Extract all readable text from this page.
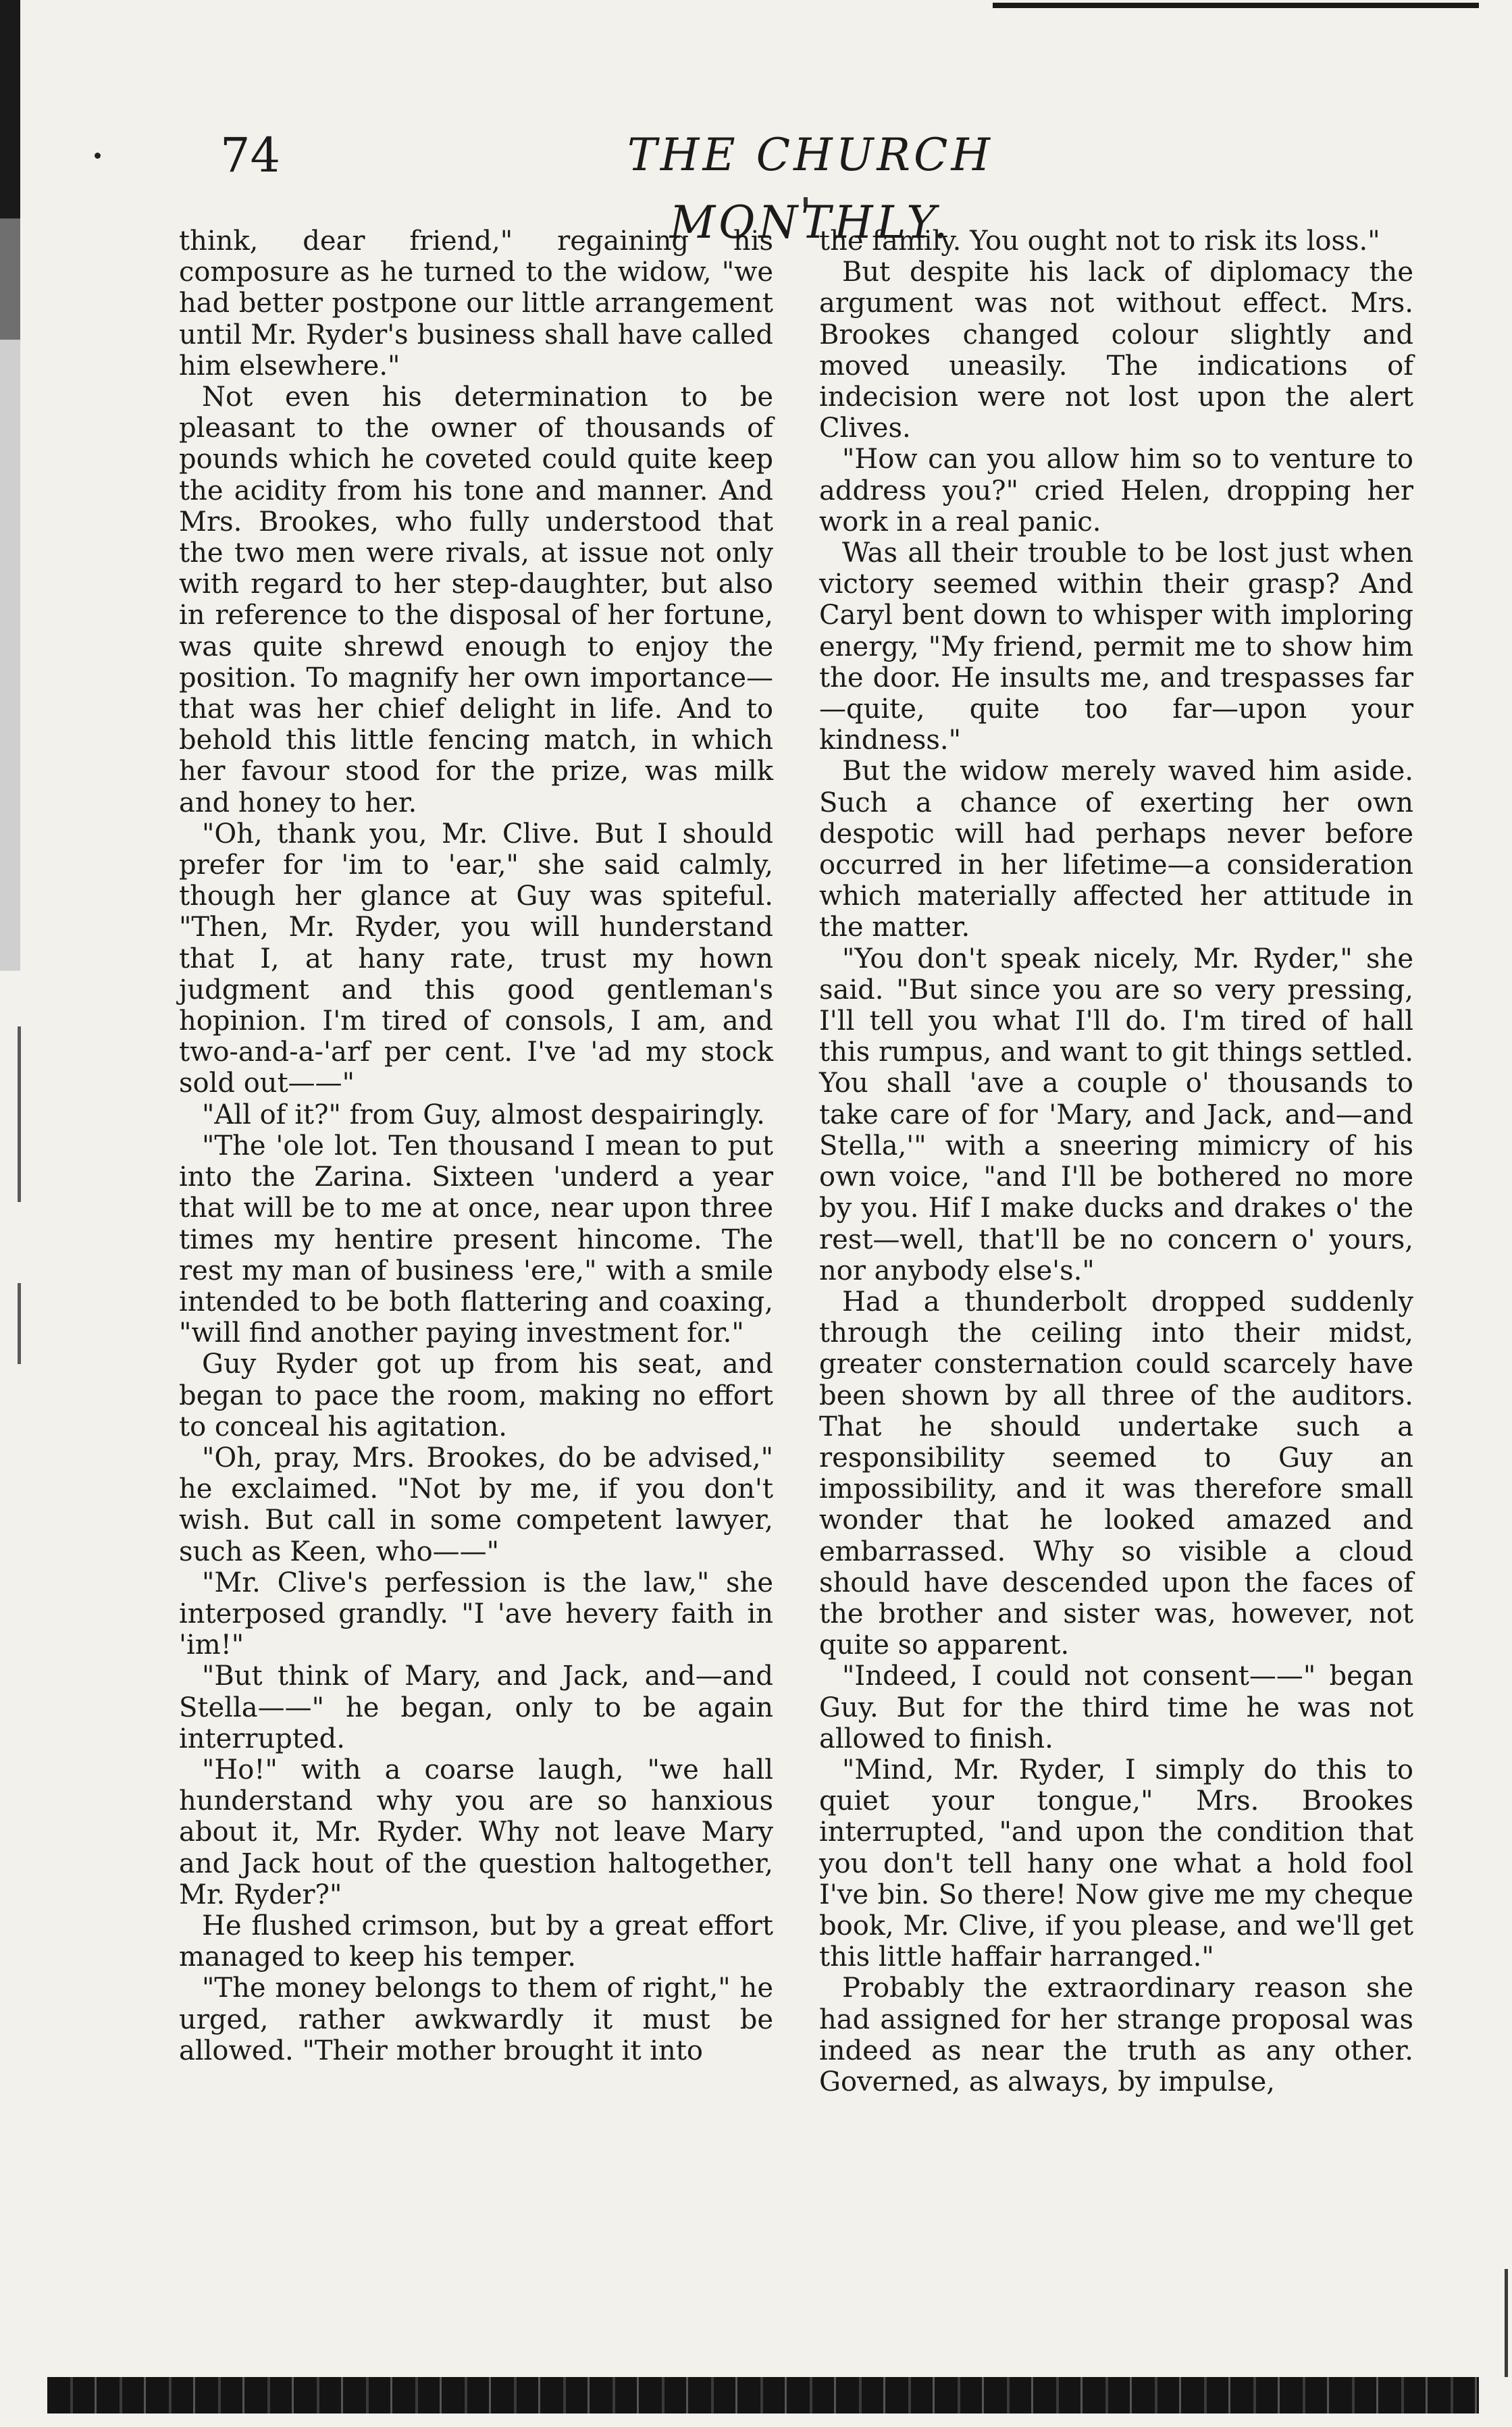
74	THE CHURCH MONTHLY.

think, dear friend," regaining his composure as he turned to the widow, "we had better postpone our little arrangement until Mr. Ryder's business shall have called him elsewhere."

Not even his determination to be pleasant to the owner of thousands of pounds which he coveted could quite keep the acidity from his tone and manner. And Mrs. Brookes, who fully understood that the two men were rivals, at issue not only with regard to her step-daughter, but also in reference to the disposal of her fortune, was quite shrewd enough to enjoy the position. To magnify her own importance—that was her chief delight in life. And to behold this little fencing match, in which her favour stood for the prize, was milk and honey to her.

"Oh, thank you, Mr. Clive. But I should prefer for 'im to 'ear," she said calmly, though her glance at Guy was spiteful. "Then, Mr. Ryder, you will hunderstand that I, at hany rate, trust my hown judgment and this good gentleman's hopinion. I'm tired of consols, I am, and two-and-a-'arf per cent. I've 'ad my stock sold out——"

"All of it?" from Guy, almost despairingly.

"The 'ole lot. Ten thousand I mean to put into the Zarina. Sixteen 'underd a year that will be to me at once, near upon three times my hentire present hincome. The rest my man of business 'ere," with a smile intended to be both flattering and coaxing, "will find another paying investment for."

Guy Ryder got up from his seat, and began to pace the room, making no effort to conceal his agitation.

"Oh, pray, Mrs. Brookes, do be advised," he exclaimed. "Not by me, if you don't wish. But call in some competent lawyer, such as Keen, who——"

"Mr. Clive's perfession is the law," she interposed grandly. "I 'ave hevery faith in 'im!"

"But think of Mary, and Jack, and—and Stella——" he began, only to be again interrupted.

"Ho!" with a coarse laugh, "we hall hunderstand why you are so hanxious about it, Mr. Ryder. Why not leave Mary and Jack hout of the question haltogether, Mr. Ryder?"

He flushed crimson, but by a great effort managed to keep his temper.

"The money belongs to them of right," he urged, rather awkwardly it must be allowed. "Their mother brought it into

the family. You ought not to risk its loss."

But despite his lack of diplomacy the argument was not without effect. Mrs. Brookes changed colour slightly and moved uneasily. The indications of indecision were not lost upon the alert Clives.

"How can you allow him so to venture to address you?" cried Helen, dropping her work in a real panic.

Was all their trouble to be lost just when victory seemed within their grasp? And Caryl bent down to whisper with imploring energy, "My friend, permit me to show him the door. He insults me, and trespasses far—quite, quite too far—upon your kindness."

But the widow merely waved him aside. Such a chance of exerting her own despotic will had perhaps never before occurred in her lifetime—a consideration which materially affected her attitude in the matter.

"You don't speak nicely, Mr. Ryder," she said. "But since you are so very pressing, I'll tell you what I'll do. I'm tired of hall this rumpus, and want to git things settled. You shall 'ave a couple o' thousands to take care of for 'Mary, and Jack, and—and Stella,'" with a sneering mimicry of his own voice, "and I'll be bothered no more by you. Hif I make ducks and drakes o' the rest—well, that'll be no concern o' yours, nor anybody else's."

Had a thunderbolt dropped suddenly through the ceiling into their midst, greater consternation could scarcely have been shown by all three of the auditors. That he should undertake such a responsibility seemed to Guy an impossibility, and it was therefore small wonder that he looked amazed and embarrassed. Why so visible a cloud should have descended upon the faces of the brother and sister was, however, not quite so apparent.

"Indeed, I could not consent——" began Guy. But for the third time he was not allowed to finish.

"Mind, Mr. Ryder, I simply do this to quiet your tongue," Mrs. Brookes interrupted, "and upon the condition that you don't tell hany one what a hold fool I've bin. So there! Now give me my cheque book, Mr. Clive, if you please, and we'll get this little haffair harranged."

Probably the extraordinary reason she had assigned for her strange proposal was indeed as near the truth as any other. Governed, as always, by impulse,
